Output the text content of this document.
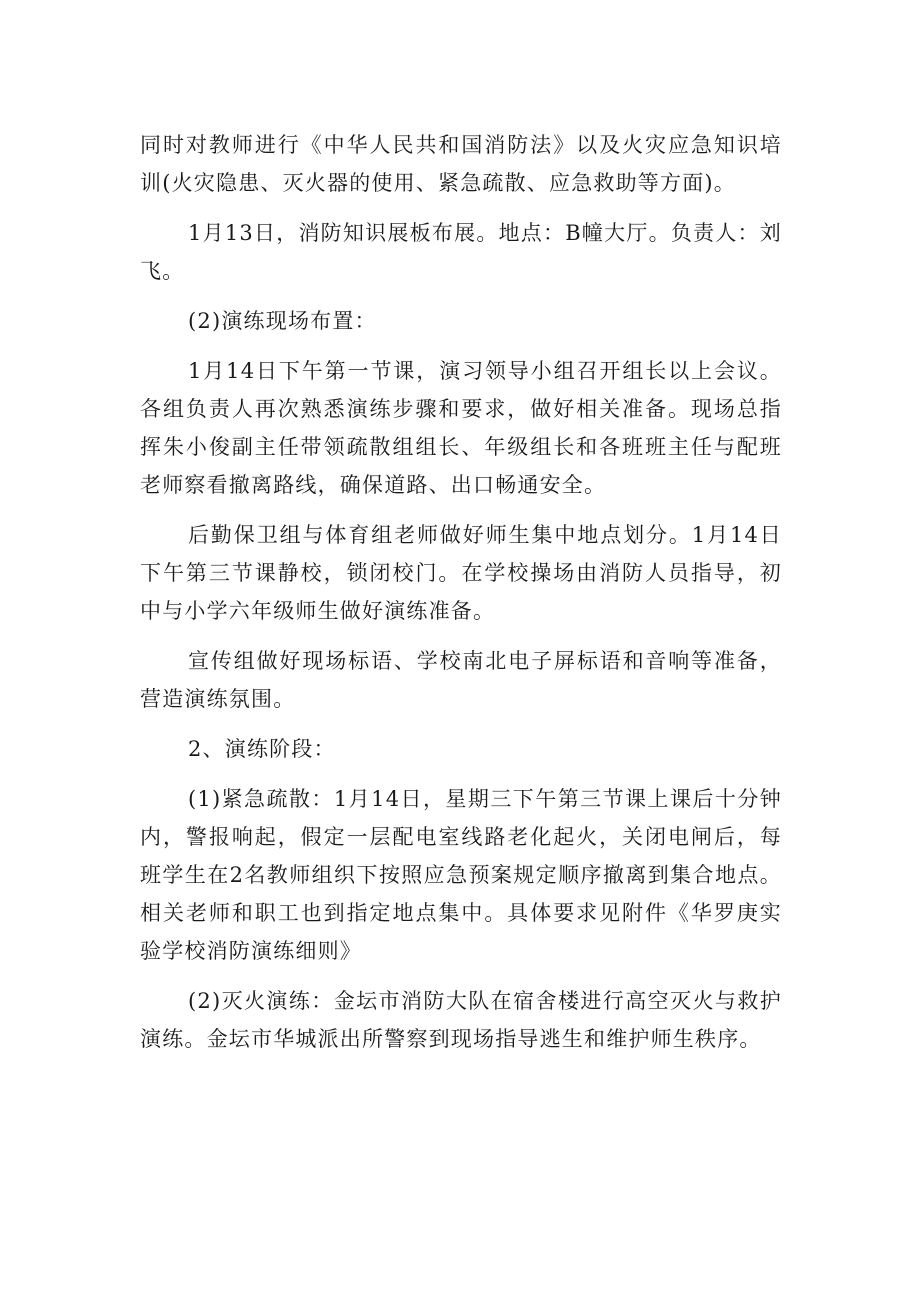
同时对教师进行《中华人民共和国消防法》以及火灾应急知识培训(火灾隐患、灭火器的使用、紧急疏散、应急救助等方面)。

1月13日，消防知识展板布展。地点：B幢大厅。负责人：刘飞。

(2)演练现场布置：

1月14日下午第一节课，演习领导小组召开组长以上会议。各组负责人再次熟悉演练步骤和要求，做好相关准备。现场总指挥朱小俊副主任带领疏散组组长、年级组长和各班班主任与配班老师察看撤离路线，确保道路、出口畅通安全。

后勤保卫组与体育组老师做好师生集中地点划分。1月14日下午第三节课静校，锁闭校门。在学校操场由消防人员指导，初中与小学六年级师生做好演练准备。

宣传组做好现场标语、学校南北电子屏标语和音响等准备，营造演练氛围。

2、演练阶段：

(1)紧急疏散：1月14日，星期三下午第三节课上课后十分钟内，警报响起，假定一层配电室线路老化起火，关闭电闸后，每班学生在2名教师组织下按照应急预案规定顺序撤离到集合地点。相关老师和职工也到指定地点集中。具体要求见附件《华罗庚实验学校消防演练细则》

(2)灭火演练：金坛市消防大队在宿舍楼进行高空灭火与救护演练。金坛市华城派出所警察到现场指导逃生和维护师生秩序。
